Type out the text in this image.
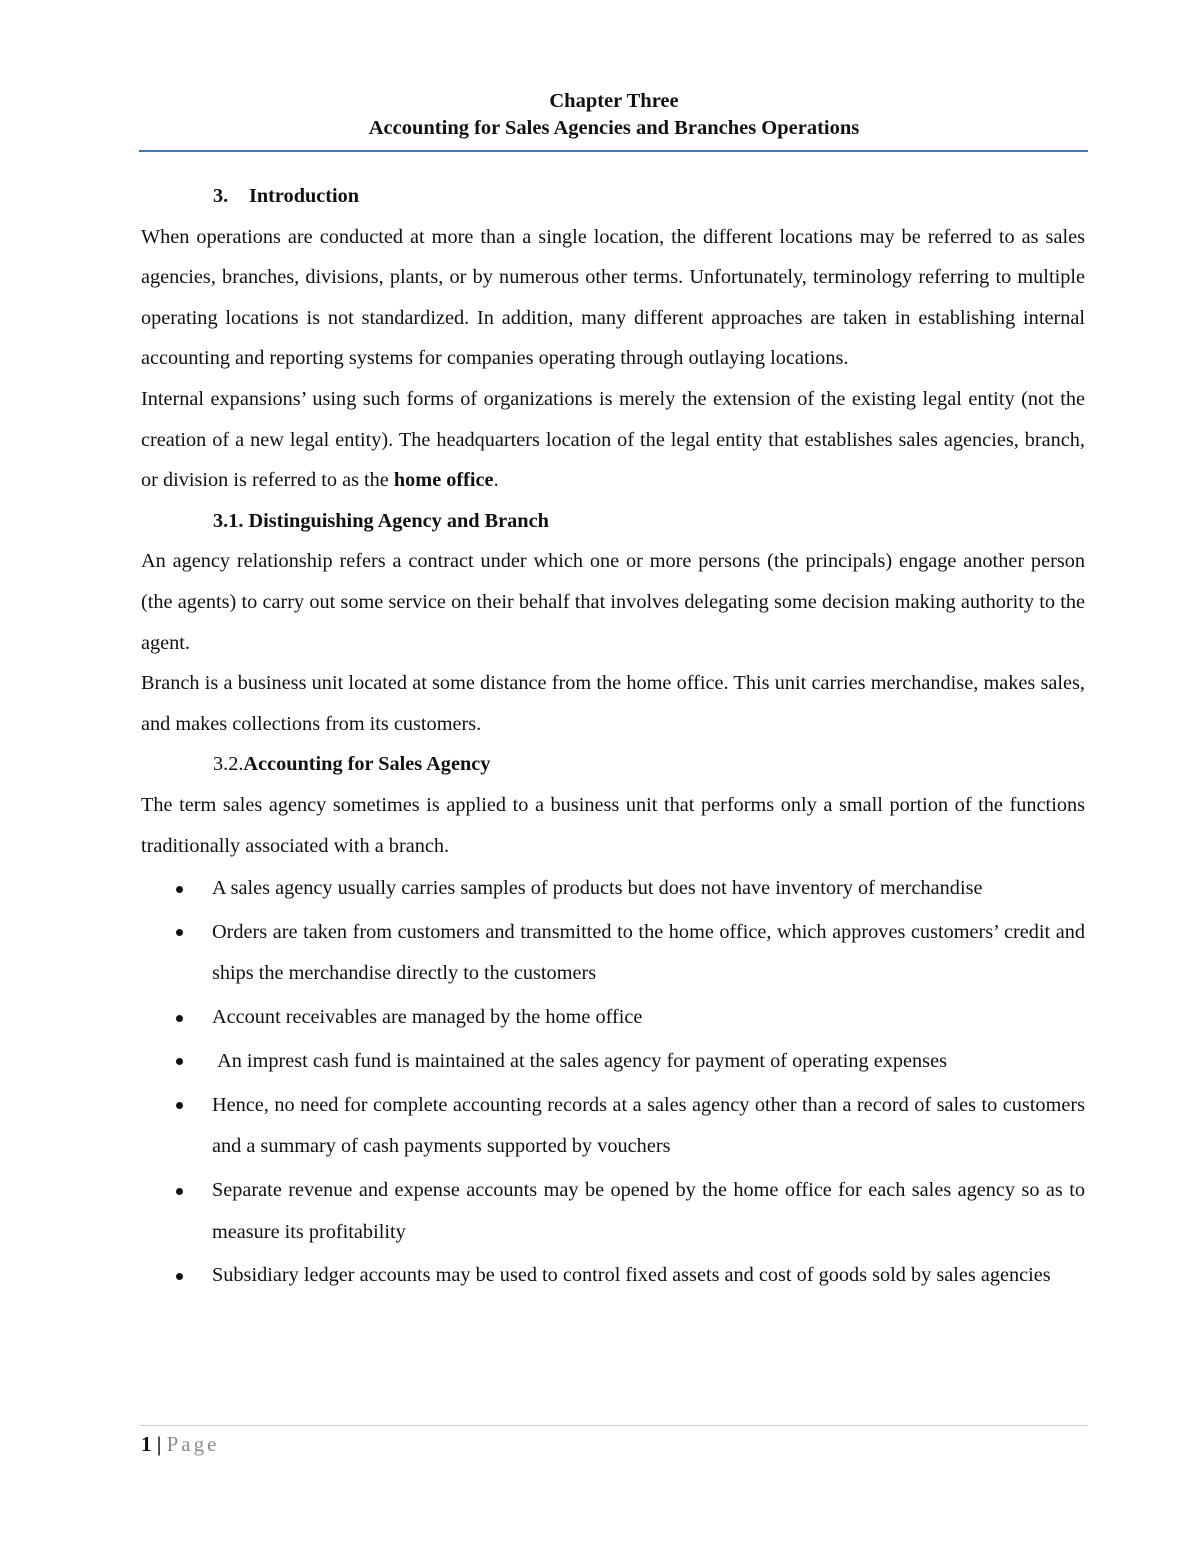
Chapter Three
Accounting for Sales Agencies and Branches Operations

3. Introduction

When operations are conducted at more than a single location, the different locations may be referred to as sales agencies, branches, divisions, plants, or by numerous other terms. Unfortunately, terminology referring to multiple operating locations is not standardized. In addition, many different approaches are taken in establishing internal accounting and reporting systems for companies operating through outlaying locations.

Internal expansions’ using such forms of organizations is merely the extension of the existing legal entity (not the creation of a new legal entity). The headquarters location of the legal entity that establishes sales agencies, branch, or division is referred to as the home office.

3.1. Distinguishing Agency and Branch

An agency relationship refers a contract under which one or more persons (the principals) engage another person (the agents) to carry out some service on their behalf that involves delegating some decision making authority to the agent.

Branch is a business unit located at some distance from the home office. This unit carries merchandise, makes sales, and makes collections from its customers.

3.2.Accounting for Sales Agency

The term sales agency sometimes is applied to a business unit that performs only a small portion of the functions traditionally associated with a branch.

A sales agency usually carries samples of products but does not have inventory of merchandise
Orders are taken from customers and transmitted to the home office, which approves customers’ credit and ships the merchandise directly to the customers
Account receivables are managed by the home office
An imprest cash fund is maintained at the sales agency for payment of operating expenses
Hence, no need for complete accounting records at a sales agency other than a record of sales to customers and a summary of cash payments supported by vouchers
Separate revenue and expense accounts may be opened by the home office for each sales agency so as to measure its profitability
Subsidiary ledger accounts may be used to control fixed assets and cost of goods sold by sales agencies
1 | Page
